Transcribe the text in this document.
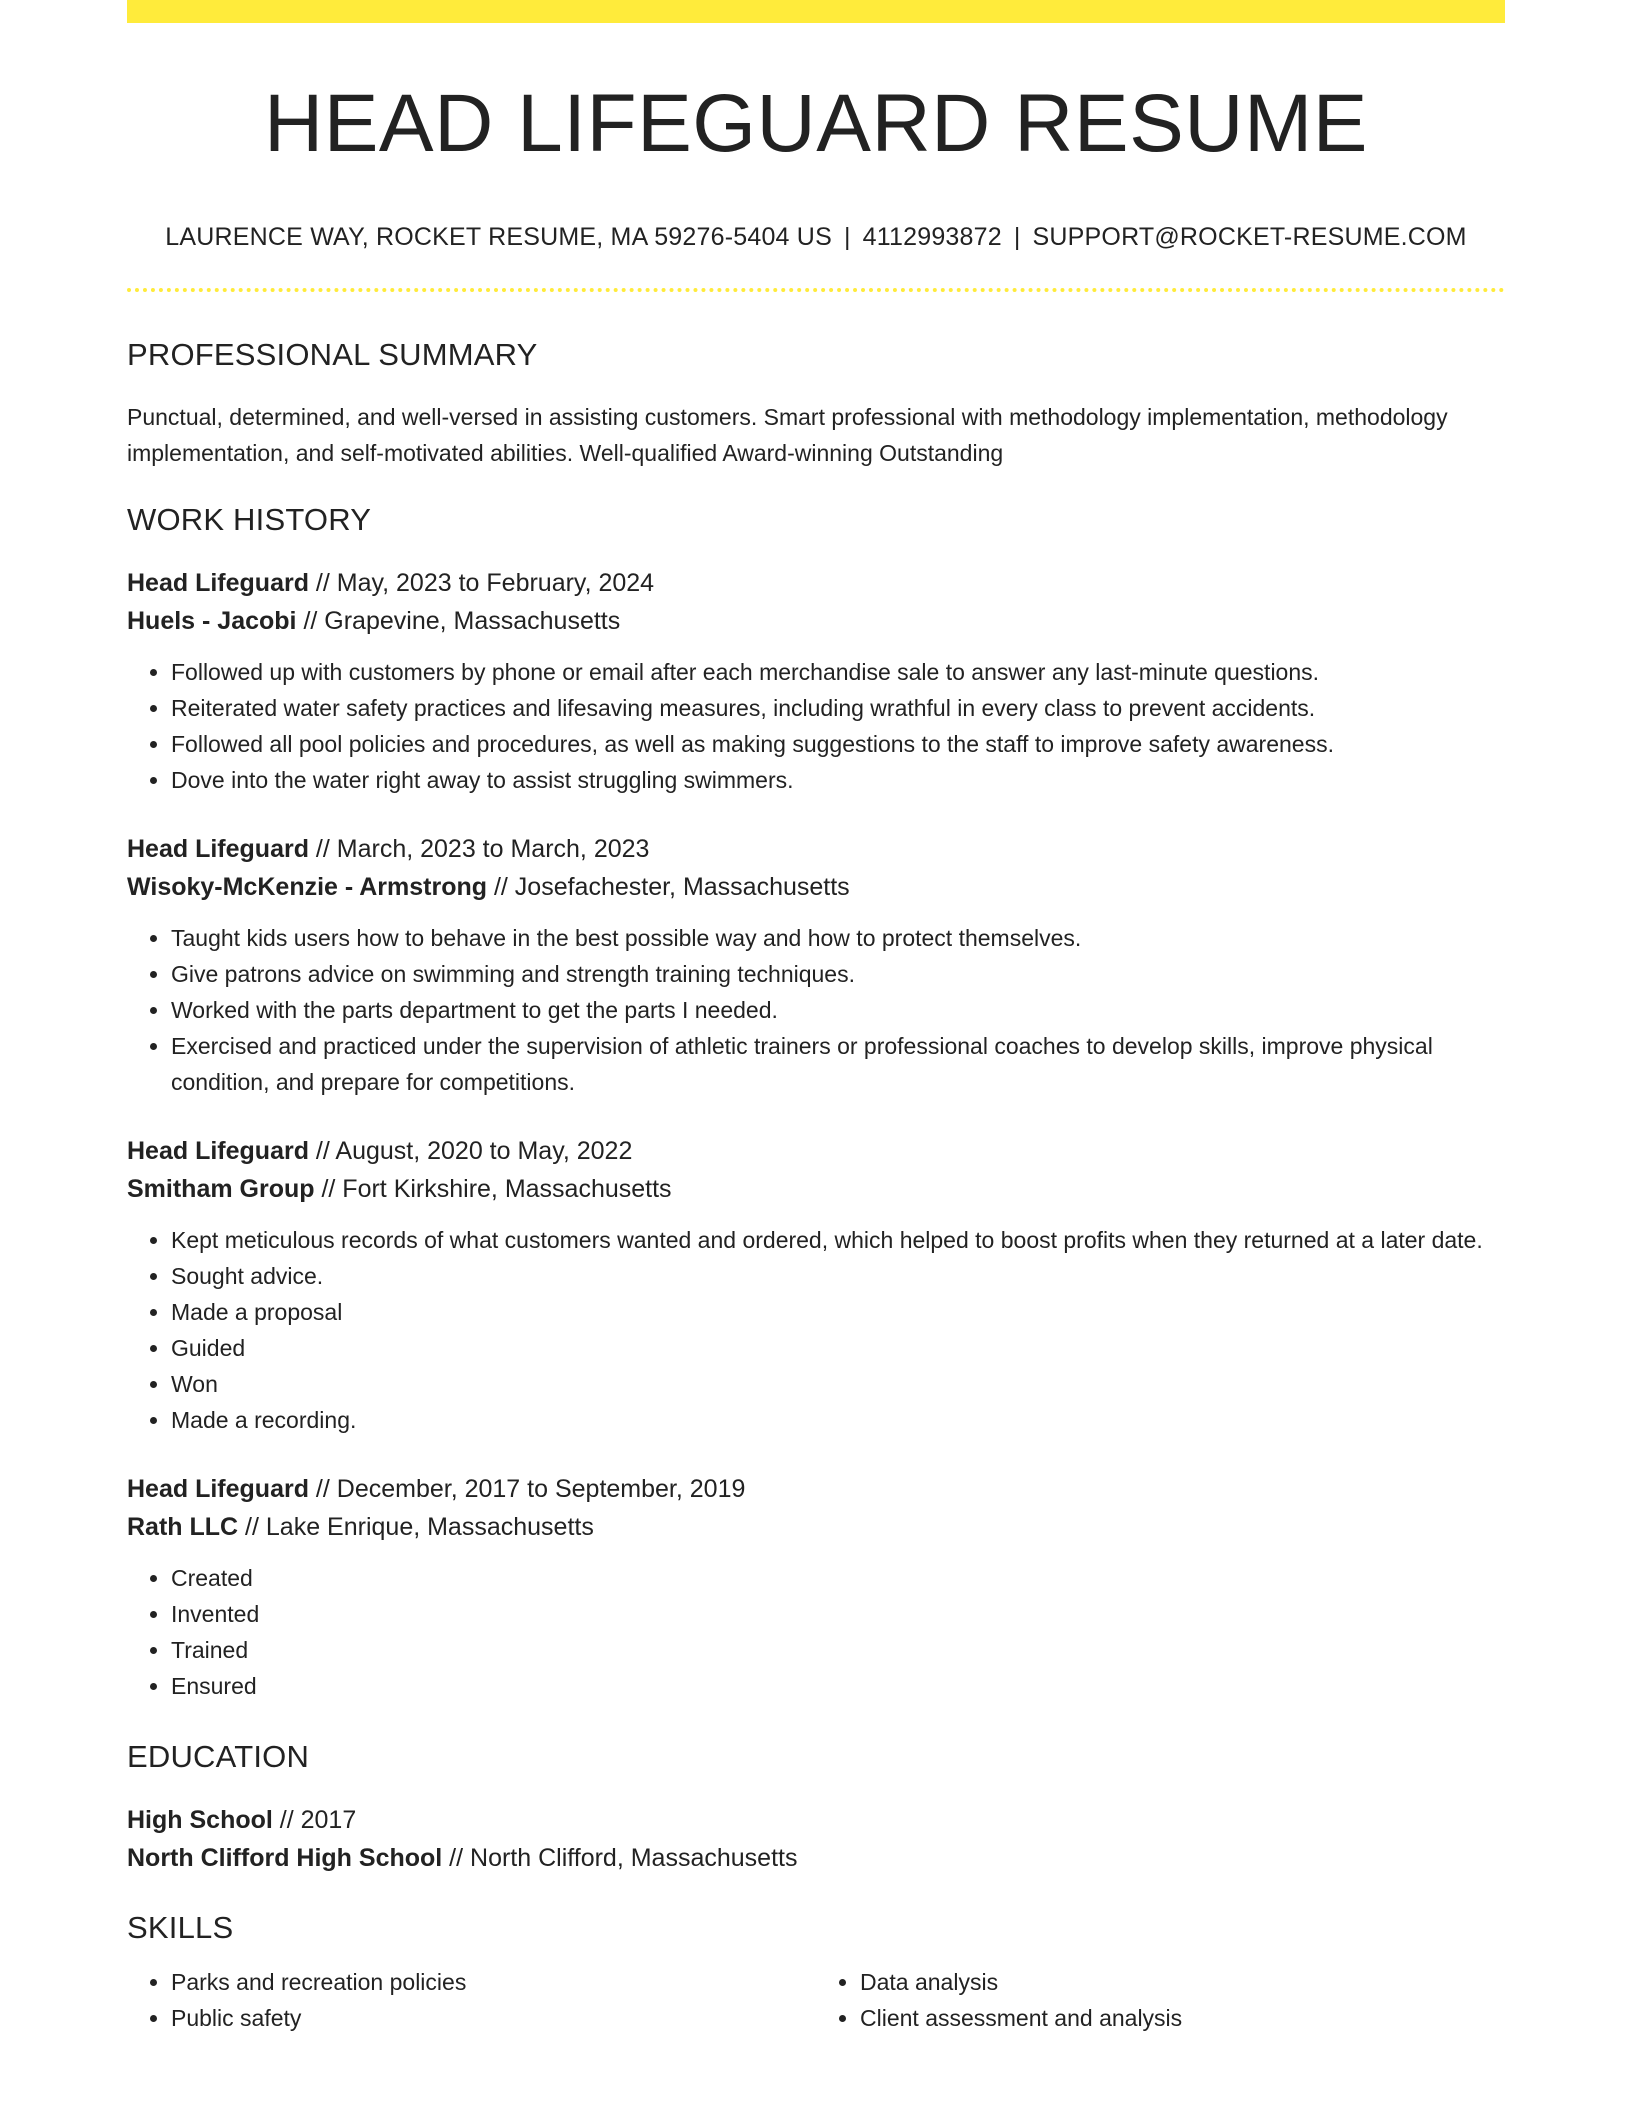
HEAD LIFEGUARD RESUME
LAURENCE WAY, ROCKET RESUME, MA 59276-5404 US | 4112993872 | SUPPORT@ROCKET-RESUME.COM
PROFESSIONAL SUMMARY
Punctual, determined, and well-versed in assisting customers. Smart professional with methodology implementation, methodology implementation, and self-motivated abilities. Well-qualified Award-winning Outstanding
WORK HISTORY
Head Lifeguard // May, 2023 to February, 2024
Huels - Jacobi // Grapevine, Massachusetts
• Followed up with customers by phone or email after each merchandise sale to answer any last-minute questions.
• Reiterated water safety practices and lifesaving measures, including wrathful in every class to prevent accidents.
• Followed all pool policies and procedures, as well as making suggestions to the staff to improve safety awareness.
• Dove into the water right away to assist struggling swimmers.
Head Lifeguard // March, 2023 to March, 2023
Wisoky-McKenzie - Armstrong // Josefachester, Massachusetts
• Taught kids users how to behave in the best possible way and how to protect themselves.
• Give patrons advice on swimming and strength training techniques.
• Worked with the parts department to get the parts I needed.
• Exercised and practiced under the supervision of athletic trainers or professional coaches to develop skills, improve physical condition, and prepare for competitions.
Head Lifeguard // August, 2020 to May, 2022
Smitham Group // Fort Kirkshire, Massachusetts
• Kept meticulous records of what customers wanted and ordered, which helped to boost profits when they returned at a later date.
• Sought advice.
• Made a proposal
• Guided
• Won
• Made a recording.
Head Lifeguard // December, 2017 to September, 2019
Rath LLC // Lake Enrique, Massachusetts
• Created
• Invented
• Trained
• Ensured
EDUCATION
High School // 2017
North Clifford High School // North Clifford, Massachusetts
SKILLS
• Parks and recreation policies
• Public safety
• Data analysis
• Client assessment and analysis
